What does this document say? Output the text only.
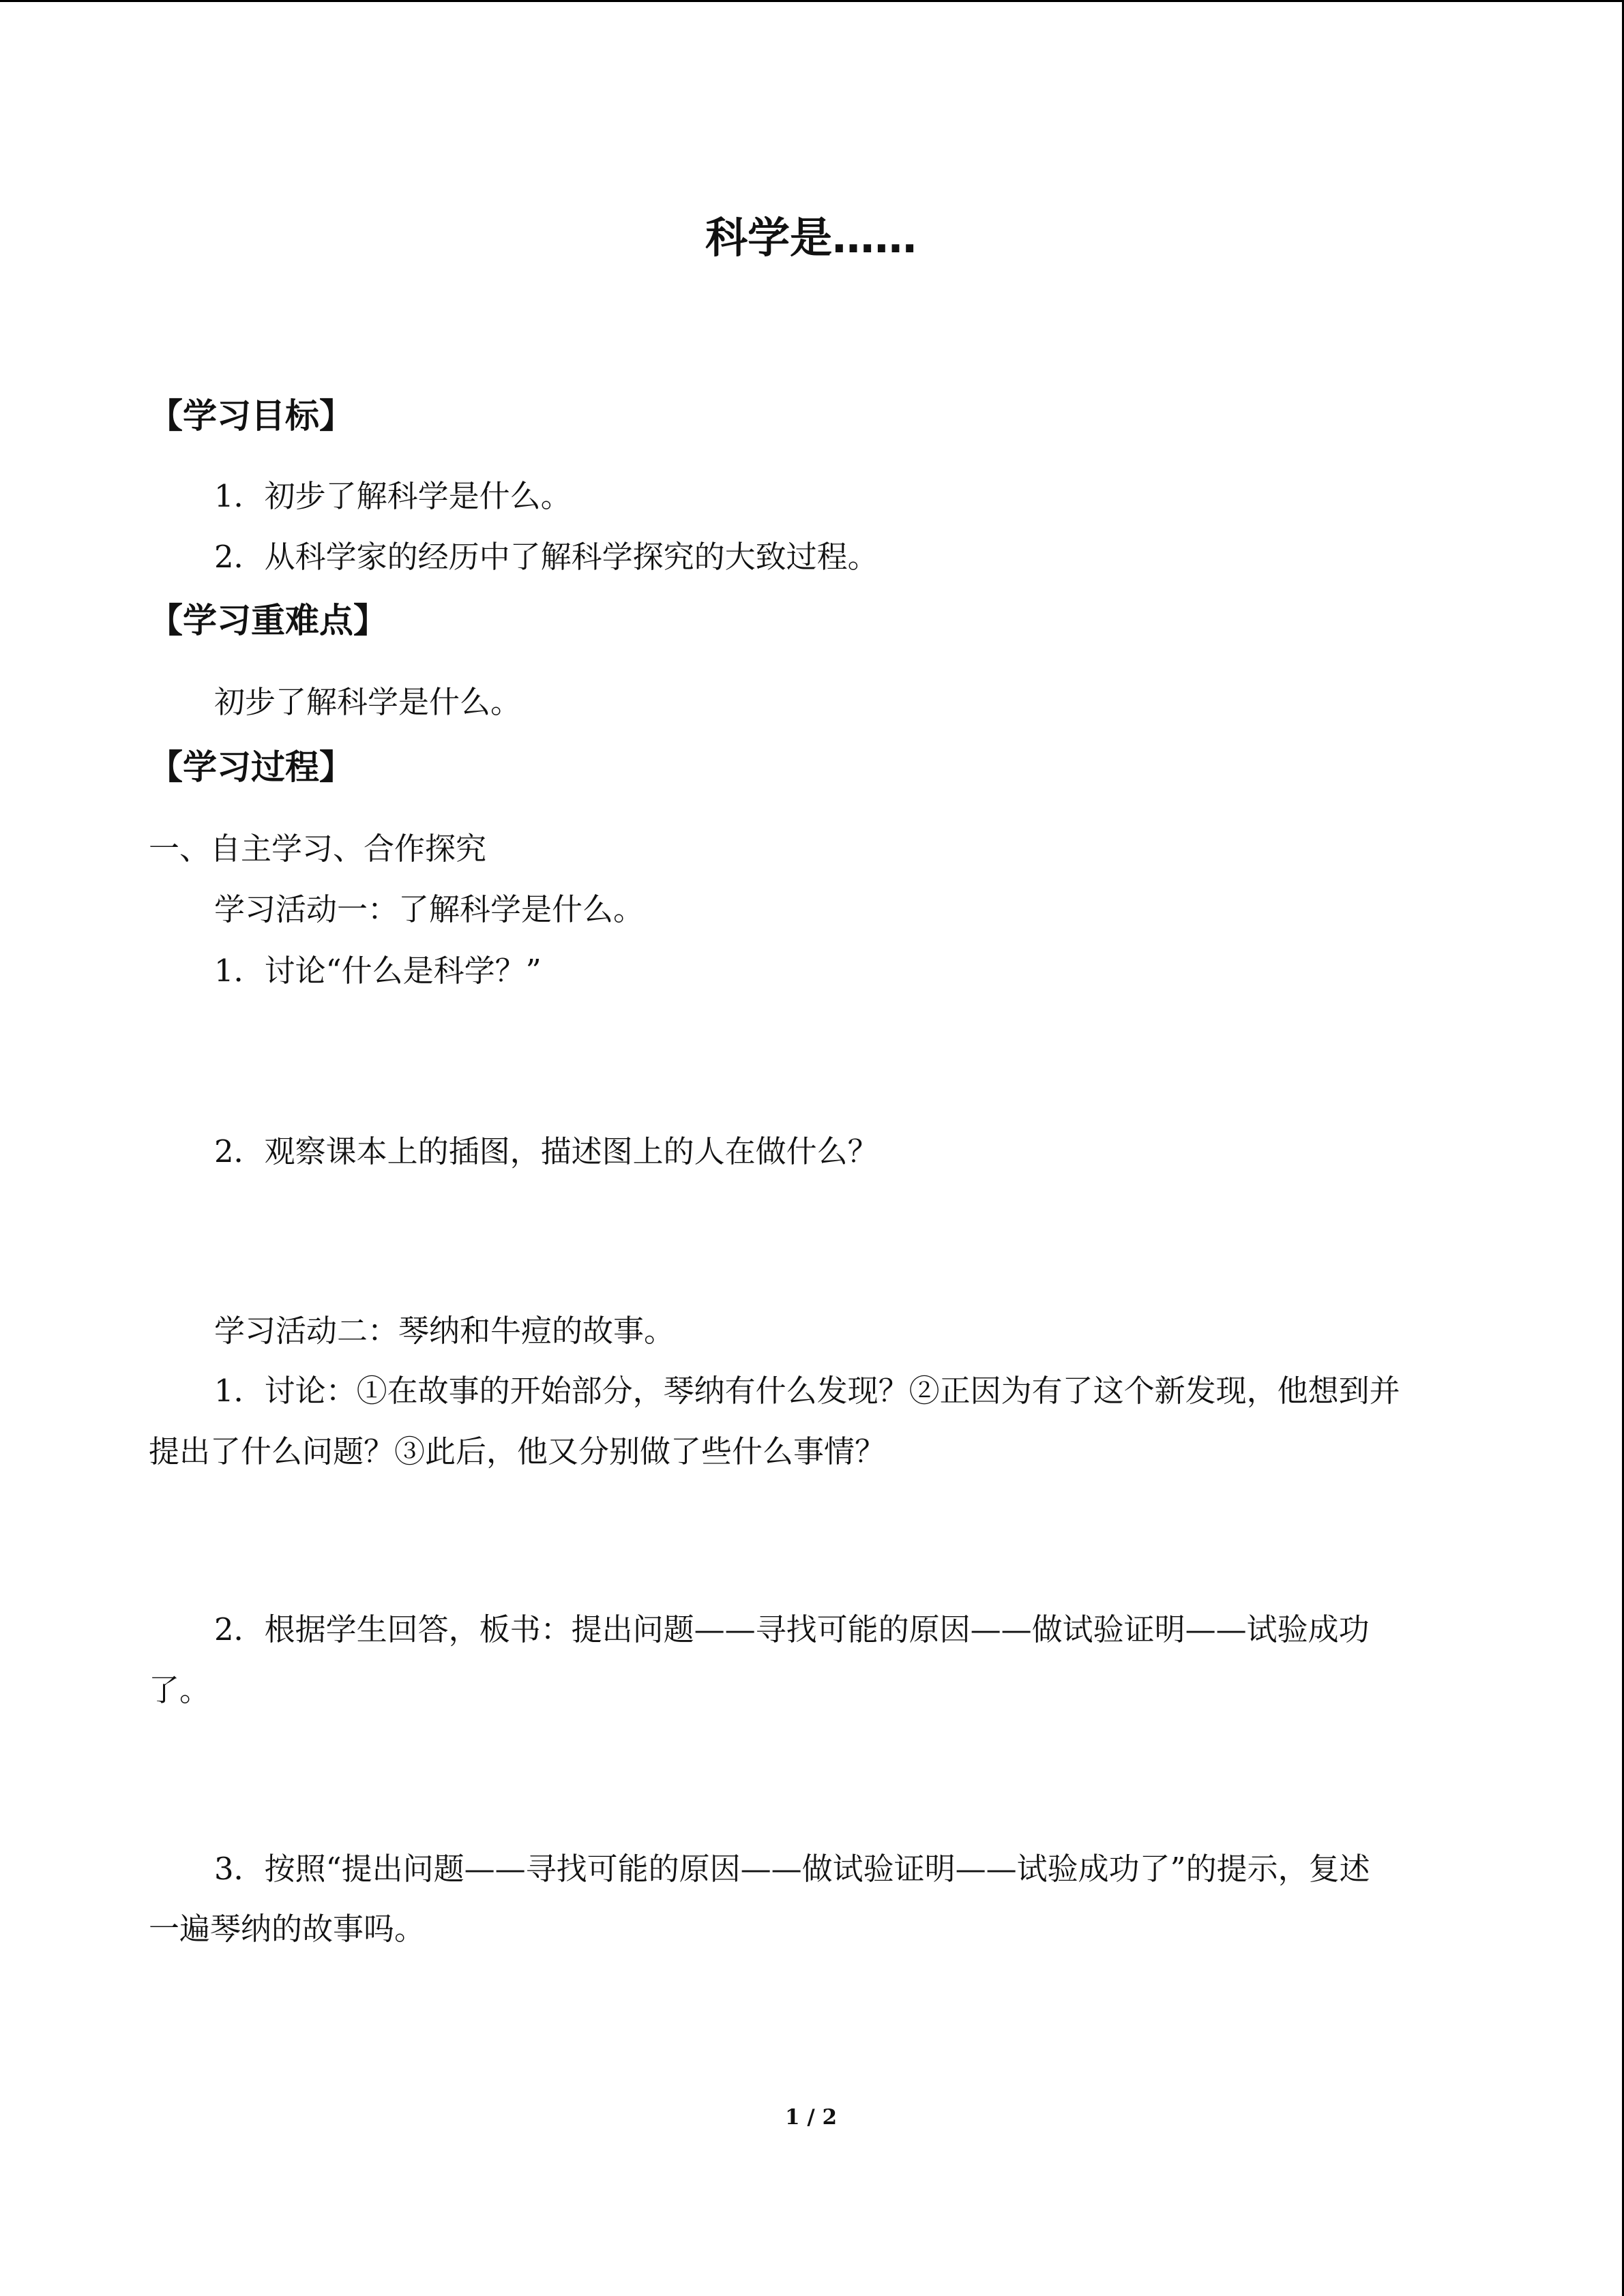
科学是……
【学习目标】

1．初步了解科学是什么。

2．从科学家的经历中了解科学探究的大致过程。

【学习重难点】

初步了解科学是什么。

【学习过程】

一、自主学习、合作探究

学习活动一：了解科学是什么。

1．讨论“什么是科学？”

2．观察课本上的插图，描述图上的人在做什么？

学习活动二：琴纳和牛痘的故事。

1．讨论：①在故事的开始部分，琴纳有什么发现？②正因为有了这个新发现，他想到并

提出了什么问题？③此后，他又分别做了些什么事情？

2．根据学生回答，板书：提出问题——寻找可能的原因——做试验证明——试验成功

了。

3．按照“提出问题——寻找可能的原因——做试验证明——试验成功了”的提示，复述

一遍琴纳的故事吗。

1 / 2
